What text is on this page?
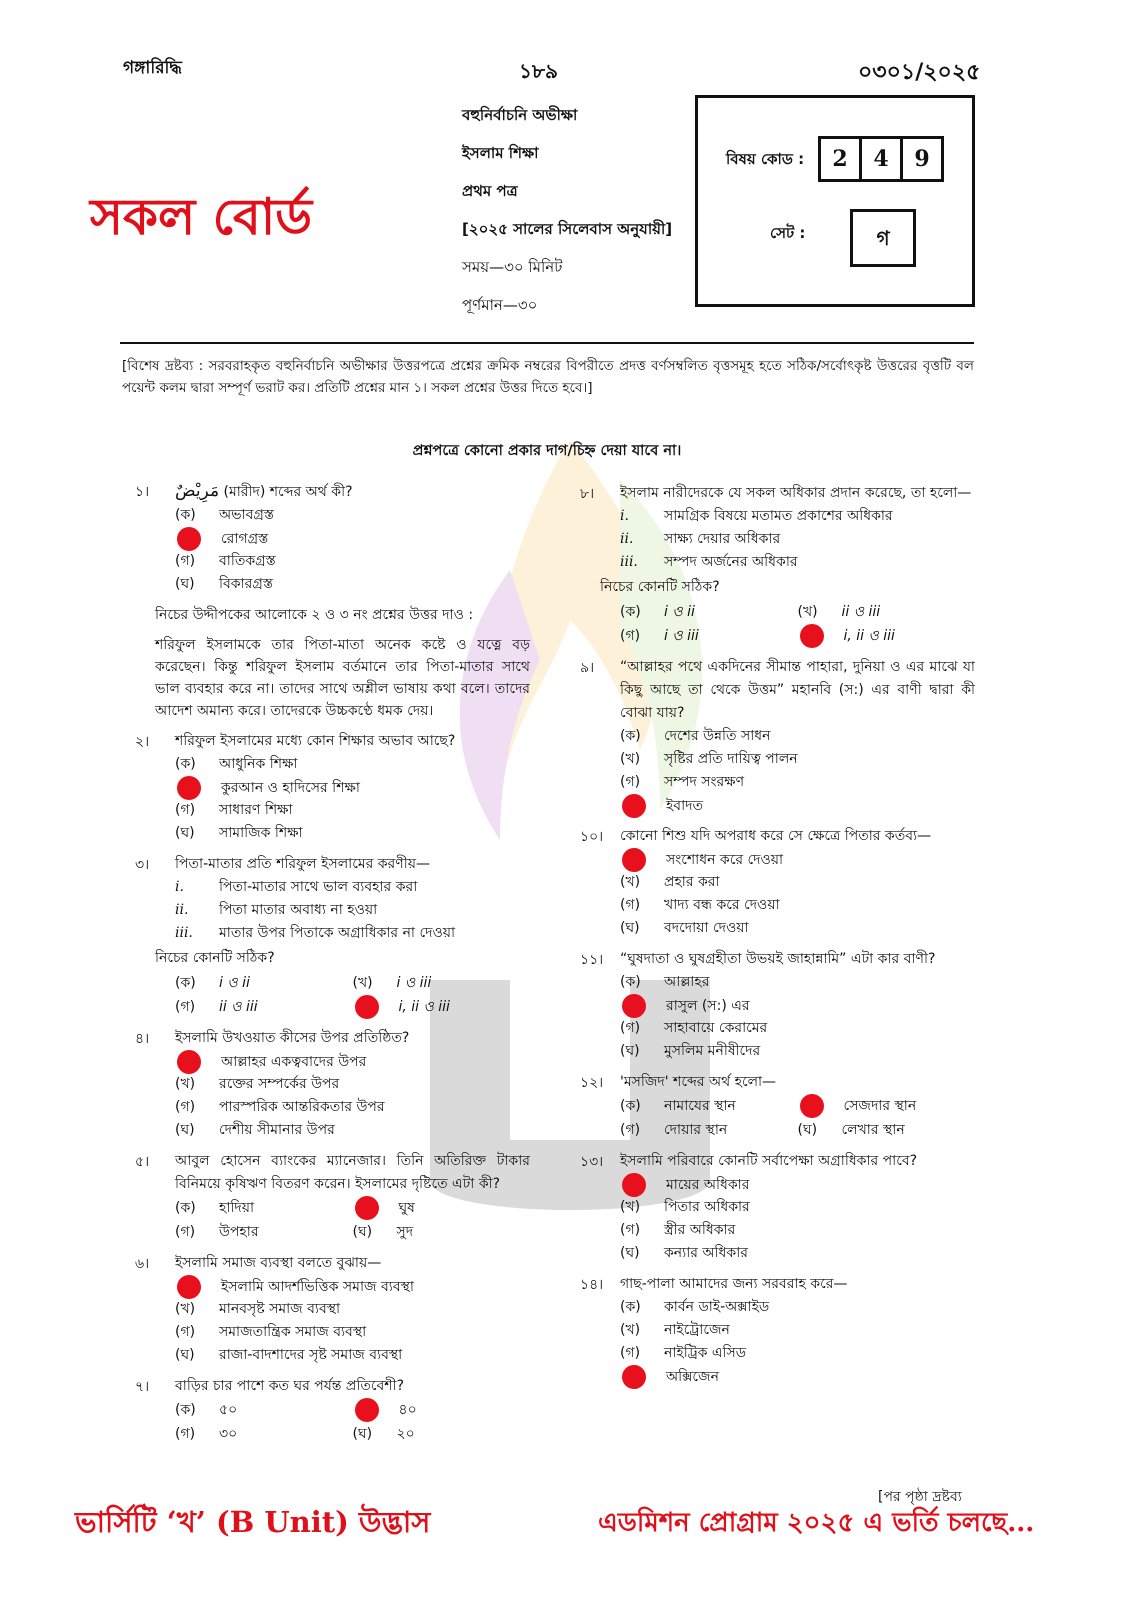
গঙ্গারিদ্ধি	১৮৯	০৩০১/২০২৫
বহুনির্বাচনি অভীক্ষা
ইসলাম শিক্ষা
প্রথম পত্র
[২০২৫ সালের সিলেবাস অনুযায়ী]
সময়—৩০ মিনিট
পূর্ণমান—৩০
সকল বোর্ড
বিষয় কোড :	2 4 9
সেট :	গ
[বিশেষ দ্রষ্টব্য : সরবরাহকৃত বহুনির্বাচনি অভীক্ষার উত্তরপত্রে প্রশ্নের ক্রমিক নম্বরের বিপরীতে প্রদত্ত বর্ণসম্বলিত বৃত্তসমূহ হতে সঠিক/সর্বোৎকৃষ্ট উত্তরের বৃত্তটি বল পয়েন্ট কলম দ্বারা সম্পূর্ণ ভরাট কর। প্রতিটি প্রশ্নের মান ১। সকল প্রশ্নের উত্তর দিতে হবে।]
প্রশ্নপত্রে কোনো প্রকার দাগ/চিহ্ন দেয়া যাবে না।
১।	مَرِيْضٌ (মারীদ) শব্দের অর্থ কী?
(ক) অভাবগ্রস্ত
রোগগ্রস্ত
(গ) বাতিকগ্রস্ত
(ঘ) বিকারগ্রস্ত
নিচের উদ্দীপকের আলোকে ২ ও ৩ নং প্রশ্নের উত্তর দাও :
শরিফুল ইসলামকে তার পিতা-মাতা অনেক কষ্টে ও যত্নে বড় করেছেন। কিন্তু শরিফুল ইসলাম বর্তমানে তার পিতা-মাতার সাথে ভাল ব্যবহার করে না। তাদের সাথে অশ্লীল ভাষায় কথা বলে। তাদের আদেশ অমান্য করে। তাদেরকে উচ্চকণ্ঠে ধমক দেয়।
২।	শরিফুল ইসলামের মধ্যে কোন শিক্ষার অভাব আছে?
(ক) আধুনিক শিক্ষা
কুরআন ও হাদিসের শিক্ষা
(গ) সাধারণ শিক্ষা
(ঘ) সামাজিক শিক্ষা
৩।	পিতা-মাতার প্রতি শরিফুল ইসলামের করণীয়—
i.	পিতা-মাতার সাথে ভাল ব্যবহার করা
ii. পিতা মাতার অবাধ্য না হওয়া
iii. মাতার উপর পিতাকে অগ্রাধিকার না দেওয়া
নিচের কোনটি সঠিক?
(ক) i ও ii	(খ) i ও iii
(গ) ii ও iii	i, ii ও iii
৪।	ইসলামি উখওয়াত কীসের উপর প্রতিষ্ঠিত?
আল্লাহর একত্ববাদের উপর
(খ) রক্তের সম্পর্কের উপর
(গ) পারস্পরিক আন্তরিকতার উপর
(ঘ) দেশীয় সীমানার উপর
৫।	আবুল হোসেন ব্যাংকের ম্যানেজার। তিনি অতিরিক্ত টাকার বিনিময়ে কৃষিঋণ বিতরণ করেন। ইসলামের দৃষ্টিতে এটা কী?
(ক) হাদিয়া	ঘুষ
(গ) উপহার	(ঘ) সুদ
৬।	ইসলামি সমাজ ব্যবস্থা বলতে বুঝায়—
ইসলামি আদর্শভিত্তিক সমাজ ব্যবস্থা
(খ) মানবসৃষ্ট সমাজ ব্যবস্থা
(গ) সমাজতান্ত্রিক সমাজ ব্যবস্থা
(ঘ) রাজা-বাদশাদের সৃষ্ট সমাজ ব্যবস্থা
৭।	বাড়ির চার পাশে কত ঘর পর্যন্ত প্রতিবেশী?
(ক) ৫০	৪০
(গ) ৩০	(ঘ) ২০
৮।	ইসলাম নারীদেরকে যে সকল অধিকার প্রদান করেছে, তা হলো—
i.	সামগ্রিক বিষয়ে মতামত প্রকাশের অধিকার
ii. সাক্ষ্য দেয়ার অধিকার
iii. সম্পদ অর্জনের অধিকার
নিচের কোনটি সঠিক?
(ক) i ও ii	(খ) ii ও iii
(গ) i ও iii	i, ii ও iii
৯।	“আল্লাহর পথে একদিনের সীমান্ত পাহারা, দুনিয়া ও এর মাঝে যা কিছু আছে তা থেকে উত্তম” মহানবি (স:) এর বাণী দ্বারা কী বোঝা যায়?
(ক) দেশের উন্নতি সাধন
(খ) সৃষ্টির প্রতি দায়িত্ব পালন
(গ) সম্পদ সংরক্ষণ
ইবাদত
১০।	কোনো শিশু যদি অপরাধ করে সে ক্ষেত্রে পিতার কর্তব্য—
সংশোধন করে দেওয়া
(খ) প্রহার করা
(গ) খাদ্য বন্ধ করে দেওয়া
(ঘ) বদদোয়া দেওয়া
১১।	“ঘুষদাতা ও ঘুষগ্রহীতা উভয়ই জাহান্নামি” এটা কার বাণী?
(ক) আল্লাহর
রাসুল (স:) এর
(গ) সাহাবায়ে কেরামের
(ঘ) মুসলিম মনীষীদের
১২।	'মসজিদ' শব্দের অর্থ হলো—
(ক) নামাযের স্থান	সেজদার স্থান
(গ) দোয়ার স্থান	(ঘ) লেখার স্থান
১৩।	ইসলামি পরিবারে কোনটি সর্বাপেক্ষা অগ্রাধিকার পাবে?
মায়ের অধিকার
(খ) পিতার অধিকার
(গ) স্ত্রীর অধিকার
(ঘ) কন্যার অধিকার
১৪।	গাছ-পালা আমাদের জন্য সরবরাহ করে—
(ক) কার্বন ডাই-অক্সাইড
(খ) নাইট্রোজেন
(গ) নাইট্রিক এসিড
অক্সিজেন
[পর পৃষ্ঠা দ্রষ্টব্য
ভার্সিটি ‘খ’ (B Unit) উদ্ভাস	এডমিশন প্রোগ্রাম ২০২৫ এ ভর্তি চলছে...
